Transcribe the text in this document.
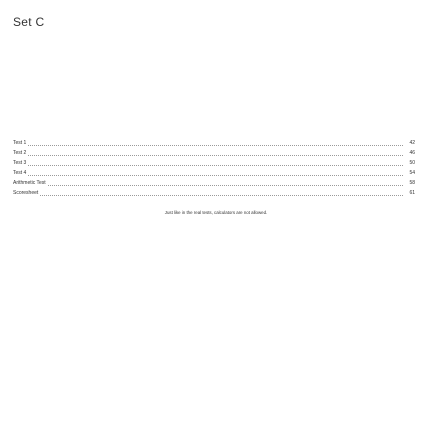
Set C
Test 1	42
Test 2	46
Test 3	50
Test 4	54
Arithmetic Test	58
Scoresheet	61
Just like in the real tests, calculators are not allowed.
